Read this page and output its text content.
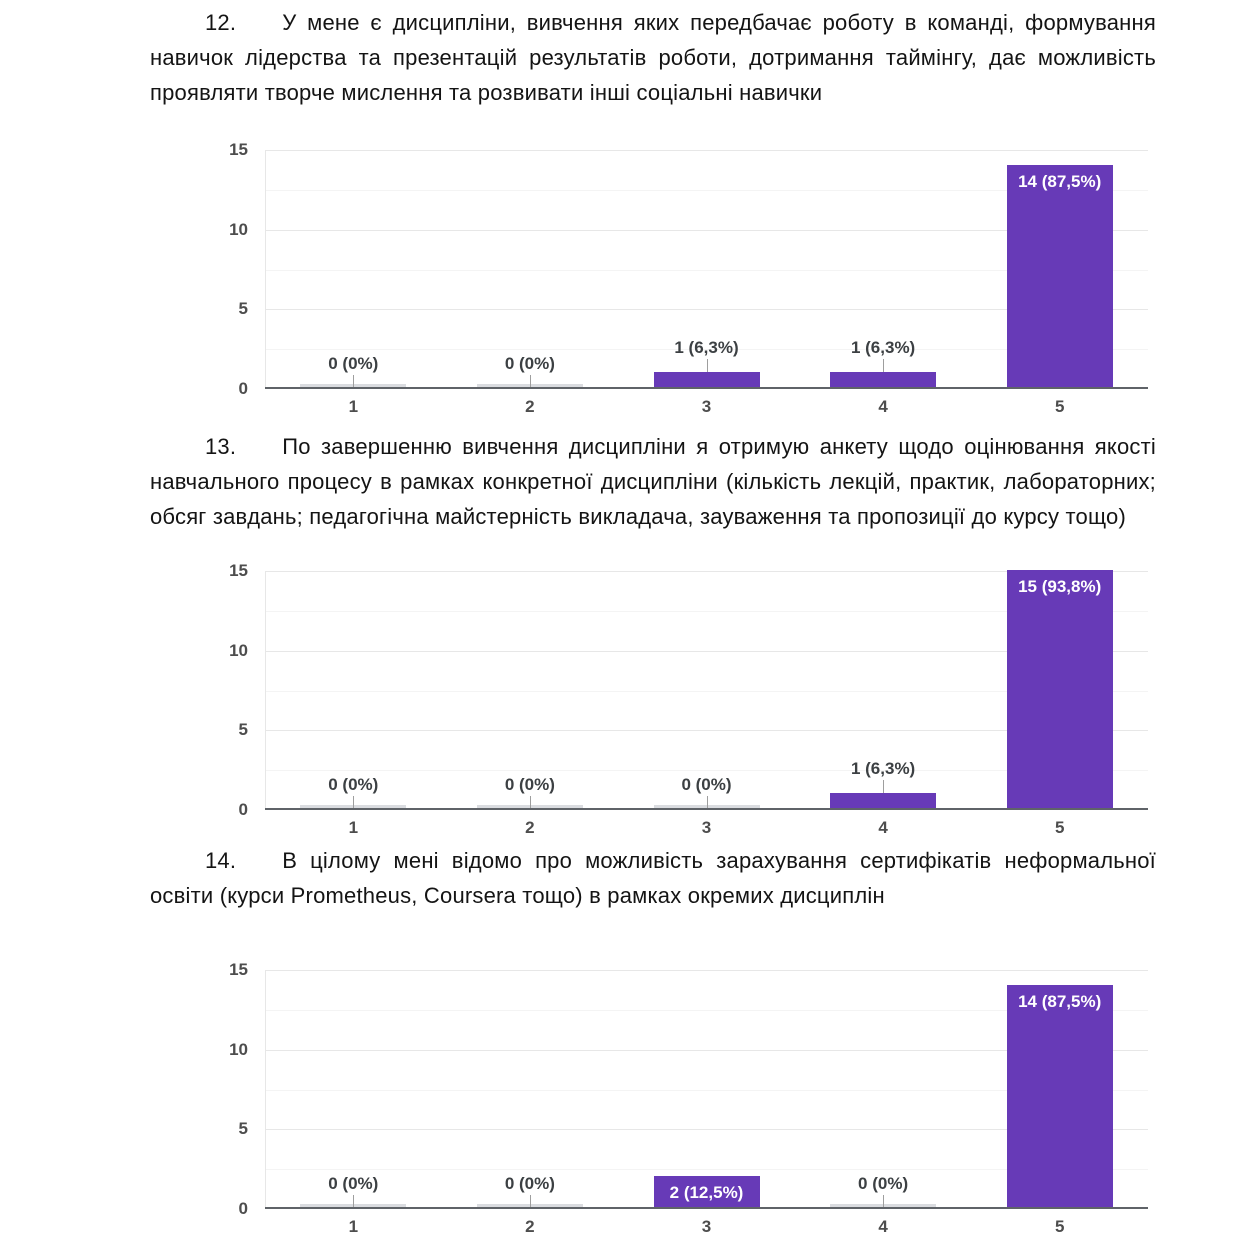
12. У мене є дисципліни, вивчення яких передбачає роботу в команді, формування навичок лідерства та презентацій результатів роботи, дотримання таймінгу, дає можливість проявляти творче мислення та розвивати інші соціальні навички

0 (0%)	0 (0%)
1 (6,3%)	1 (6,3%)
14 (87,5%)
0
5
10
15
1	2	3	4	5

13. По завершенню вивчення дисципліни я отримую анкету щодо оцінювання якості навчального процесу в рамках конкретної дисципліни (кількість лекцій, практик, лабораторних; обсяг завдань; педагогічна майстерність викладача, зауваження та пропозиції до курсу тощо)

0 (0%)	0 (0%)	0 (0%)
1 (6,3%)
15 (93,8%)
0
5
10
15
1	2	3	4	5

14. В цілому мені відомо про можливість зарахування сертифікатів неформальної освіти (курси Prometheus, Coursera тощо) в рамках окремих дисциплін

0 (0%)	0 (0%)	2 (12,5%)	0 (0%)
14 (87,5%)
0
5
10
15
1	2	3	4	5
